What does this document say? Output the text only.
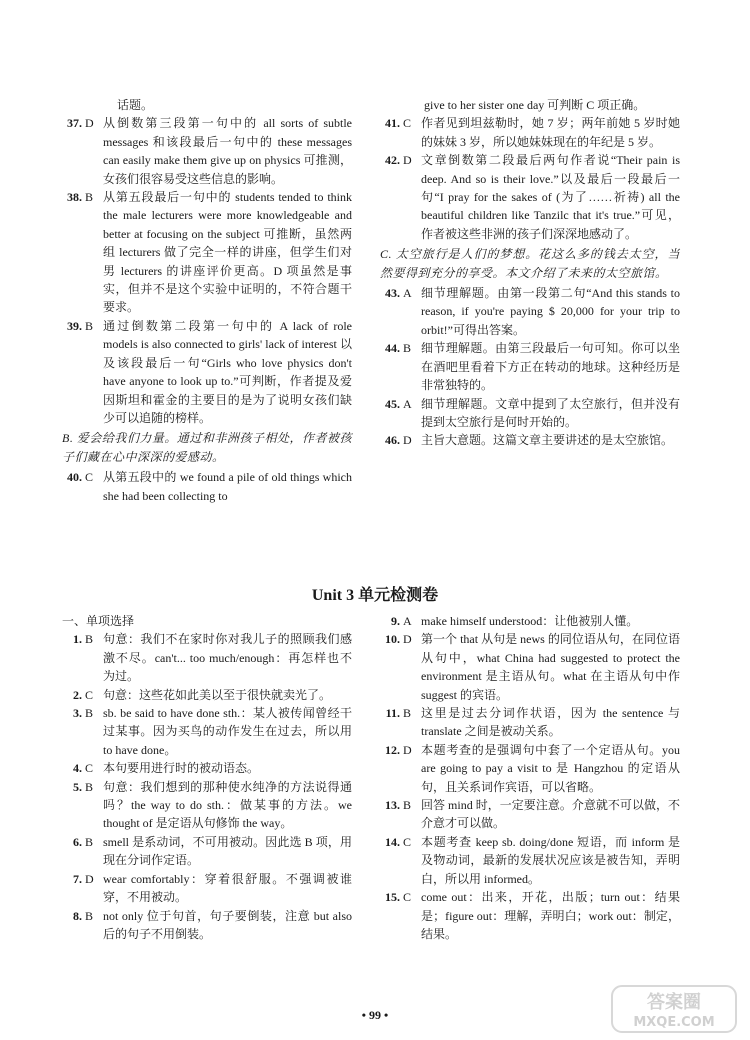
话题。
37. D 从倒数第三段第一句中的 all sorts of subtle messages 和该段最后一句中的 these messages can easily make them give up on physics 可推测，女孩们很容易受这些信息的影响。
38. B 从第五段最后一句中的 students tended to think the male lecturers were more knowledgeable and better at focusing on the subject 可推断，虽然两组 lecturers 做了完全一样的讲座，但学生们对男 lecturers 的讲座评价更高。D 项虽然是事实，但并不是这个实验中证明的，不符合题干要求。
39. B 通过倒数第二段第一句中的 A lack of role models is also connected to girls' lack of interest 以及该段最后一句“Girls who love physics don't have anyone to look up to.”可判断，作者提及爱因斯坦和霍金的主要目的是为了说明女孩们缺少可以追随的榜样。
B. 爱会给我们力量。通过和非洲孩子相处，作者被孩子们藏在心中深深的爱感动。
40. C 从第五段中的 we found a pile of old things which she had been collecting to
give to her sister one day 可判断 C 项正确。
41. C 作者见到坦兹勒时，她 7 岁；两年前她 5 岁时她的妹妹 3 岁，所以她妹妹现在的年纪是 5 岁。
42. D 文章倒数第二段最后两句作者说“Their pain is deep. And so is their love.”以及最后一段最后一句“I pray for the sakes of (为了……祈祷) all the beautiful children like Tanzilc that it's true.”可见，作者被这些非洲的孩子们深深地感动了。
C. 太空旅行是人们的梦想。花这么多的钱去太空，当然要得到充分的享受。本文介绍了未来的太空旅馆。
43. A 细节理解题。由第一段第二句“And this stands to reason, if you're paying $ 20,000 for your trip to orbit!”可得出答案。
44. B 细节理解题。由第三段最后一句可知。你可以坐在酒吧里看着下方正在转动的地球。这种经历是非常独特的。
45. A 细节理解题。文章中提到了太空旅行，但并没有提到太空旅行是何时开始的。
46. D 主旨大意题。这篇文章主要讲述的是太空旅馆。
Unit 3 单元检测卷
一、单项选择
1. B 句意：我们不在家时你对我儿子的照顾我们感激不尽。can't... too much/enough：再怎样也不为过。
2. C 句意：这些花如此美以至于很快就卖光了。
3. B sb. be said to have done sth.：某人被传闻曾经干过某事。因为买鸟的动作发生在过去，所以用 to have done。
4. C 本句要用进行时的被动语态。
5. B 句意：我们想到的那种使水纯净的方法说得通吗？the way to do sth.：做某事的方法。we thought of 是定语从句修饰 the way。
6. B smell 是系动词，不可用被动。因此选 B 项，用现在分词作定语。
7. D wear comfortably：穿着很舒服。不强调被谁穿，不用被动。
8. B not only 位于句首，句子要倒装，注意 but also 后的句子不用倒装。
9. A make himself understood：让他被别人懂。
10. D 第一个 that 从句是 news 的同位语从句，在同位语从句中，what China had suggested to protect the environment 是主语从句。what 在主语从句中作 suggest 的宾语。
11. B 这里是过去分词作状语，因为 the sentence 与 translate 之间是被动关系。
12. D 本题考查的是强调句中套了一个定语从句。you are going to pay a visit to 是 Hangzhou 的定语从句，且关系词作宾语，可以省略。
13. B 回答 mind 时，一定要注意。介意就不可以做，不介意才可以做。
14. C 本题考查 keep sb. doing/done 短语，而 inform 是及物动词，最新的发展状况应该是被告知，弄明白，所以用 informed。
15. C come out：出来，开花，出版；turn out：结果是；figure out：理解，弄明白；work out：制定，结果。
• 99 •
答案圈
MXQE.COM
